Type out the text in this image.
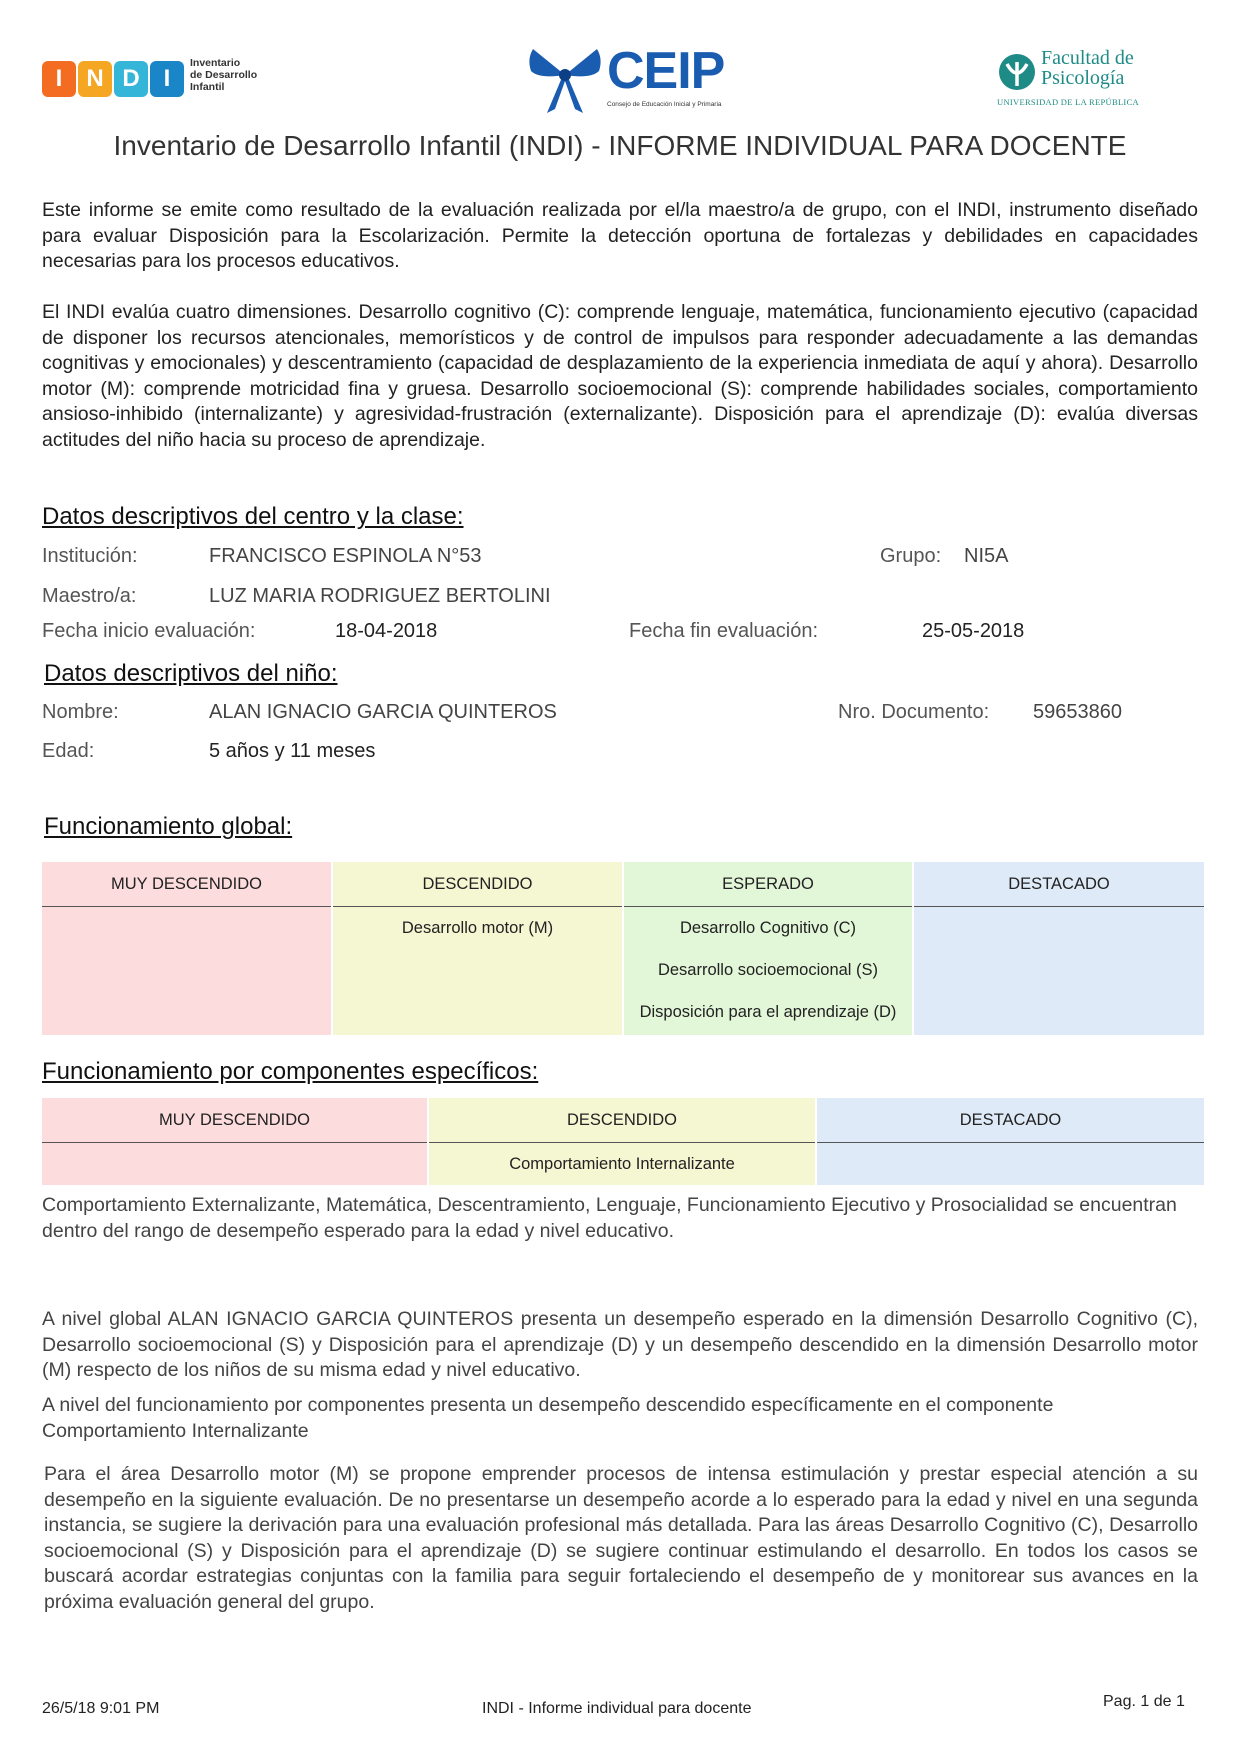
I	N D I
Inventario
de Desarrollo
Infantil	CEIP
Consejo de Educación Inicial y Primaria
Facultad de
Psicología
UNIVERSIDAD DE LA REPÚBLICA
Inventario de Desarrollo Infantil (INDI) - INFORME INDIVIDUAL PARA DOCENTE
Este informe se emite como resultado de la evaluación realizada por el/la maestro/a de grupo, con el INDI, instrumento diseñado para evaluar Disposición para la Escolarización. Permite la detección oportuna de fortalezas y debilidades en capacidades necesarias para los procesos educativos.
El INDI evalúa cuatro dimensiones. Desarrollo cognitivo (C): comprende lenguaje, matemática, funcionamiento ejecutivo (capacidad de disponer los recursos atencionales, memorísticos y de control de impulsos para responder adecuadamente a las demandas cognitivas y emocionales) y descentramiento (capacidad de desplazamiento de la experiencia inmediata de aquí y ahora). Desarrollo motor (M): comprende motricidad fina y gruesa. Desarrollo socioemocional (S): comprende habilidades sociales, comportamiento ansioso-inhibido (internalizante) y agresividad-frustración (externalizante). Disposición para el aprendizaje (D): evalúa diversas actitudes del niño hacia su proceso de aprendizaje.
Datos descriptivos del centro y la clase:
Institución:	FRANCISCO ESPINOLA N°53	Grupo: NI5A
Maestro/a:	LUZ MARIA RODRIGUEZ BERTOLINI
Fecha inicio evaluación:	18-04-2018	Fecha fin evaluación:	25-05-2018
Datos descriptivos del niño:
Nombre:	ALAN IGNACIO GARCIA QUINTEROS	Nro. Documento: 59653860
Edad:	5 años y 11 meses
Funcionamiento global:
MUY DESCENDIDO	DESCENDIDO	ESPERADO	DESTACADO

	Desarrollo motor (M)	Desarrollo Cognitivo (C)
Desarrollo socioemocional (S)
Disposición para el aprendizaje (D)	

Funcionamiento por componentes específicos:
MUY DESCENDIDO	DESCENDIDO	DESTACADO

	Comportamiento Internalizante	

Comportamiento Externalizante, Matemática, Descentramiento, Lenguaje, Funcionamiento Ejecutivo y Prosocialidad se encuentran dentro del rango de desempeño esperado para la edad y nivel educativo.
A nivel global ALAN IGNACIO GARCIA QUINTEROS presenta un desempeño esperado en la dimensión Desarrollo Cognitivo (C), Desarrollo socioemocional (S) y Disposición para el aprendizaje (D) y un desempeño descendido en la dimensión Desarrollo motor (M) respecto de los niños de su misma edad y nivel educativo.
A nivel del funcionamiento por componentes presenta un desempeño descendido específicamente en el componente Comportamiento Internalizante
Para el área Desarrollo motor (M) se propone emprender procesos de intensa estimulación y prestar especial atención a su desempeño en la siguiente evaluación. De no presentarse un desempeño acorde a lo esperado para la edad y nivel en una segunda instancia, se sugiere la derivación para una evaluación profesional más detallada. Para las áreas Desarrollo Cognitivo (C), Desarrollo socioemocional (S) y Disposición para el aprendizaje (D) se sugiere continuar estimulando el desarrollo. En todos los casos se buscará acordar estrategias conjuntas con la familia para seguir fortaleciendo el desempeño de y monitorear sus avances en la próxima evaluación general del grupo.
26/5/18 9:01 PM	INDI - Informe individual para docente	Pag. 1 de 1
